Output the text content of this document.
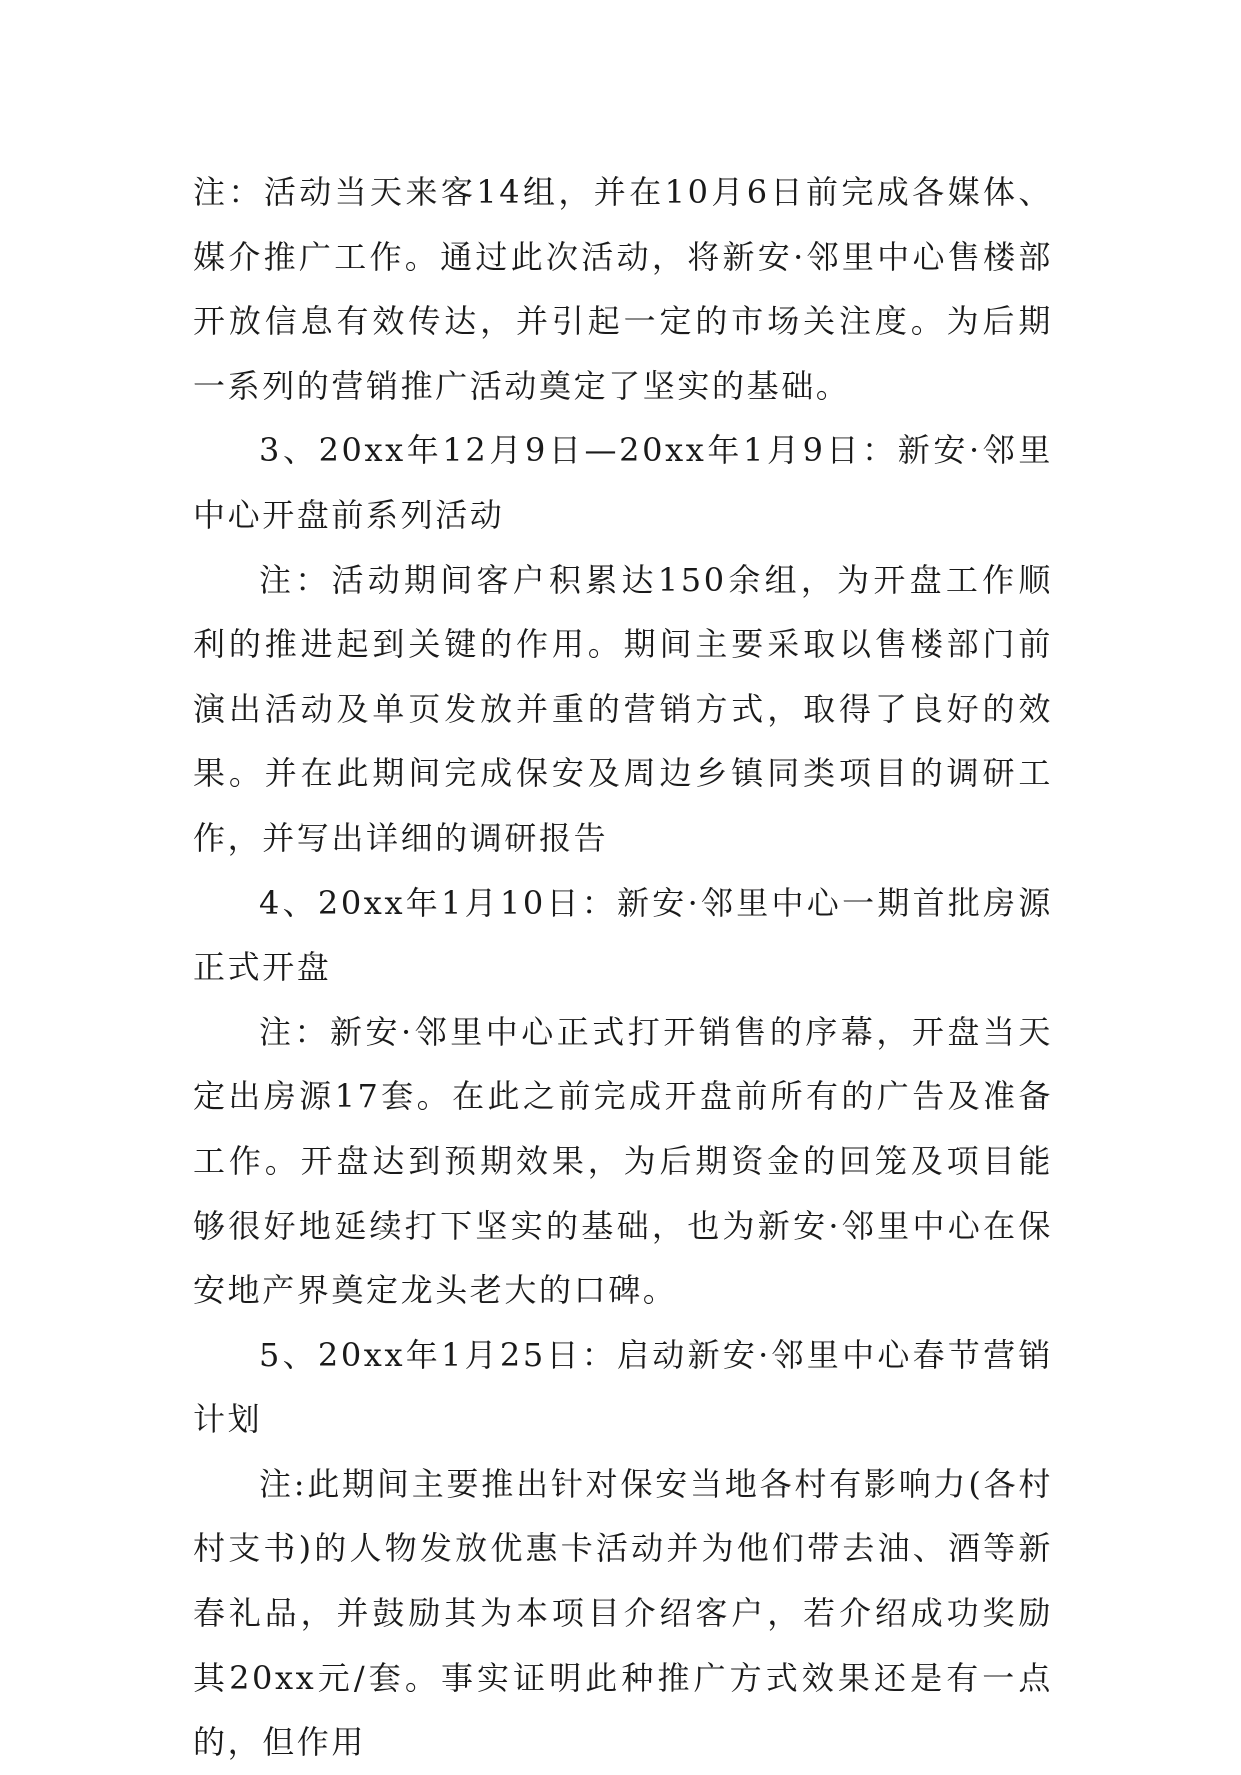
注：活动当天来客14组，并在10月6日前完成各媒体、媒介推广工作。通过此次活动，将新安·邻里中心售楼部开放信息有效传达，并引起一定的市场关注度。为后期一系列的营销推广活动奠定了坚实的基础。

3、20xx年12月9日—20xx年1月9日：新安·邻里中心开盘前系列活动

注：活动期间客户积累达150余组，为开盘工作顺利的推进起到关键的作用。期间主要采取以售楼部门前演出活动及单页发放并重的营销方式，取得了良好的效果。并在此期间完成保安及周边乡镇同类项目的调研工作，并写出详细的调研报告

4、20xx年1月10日：新安·邻里中心一期首批房源正式开盘

注：新安·邻里中心正式打开销售的序幕，开盘当天定出房源17套。在此之前完成开盘前所有的广告及准备工作。开盘达到预期效果，为后期资金的回笼及项目能够很好地延续打下坚实的基础，也为新安·邻里中心在保安地产界奠定龙头老大的口碑。

5、20xx年1月25日：启动新安·邻里中心春节营销计划

注:此期间主要推出针对保安当地各村有影响力(各村村支书)的人物发放优惠卡活动并为他们带去油、酒等新春礼品，并鼓励其为本项目介绍客户，若介绍成功奖励其20xx元/套。事实证明此种推广方式效果还是有一点的，但作用
